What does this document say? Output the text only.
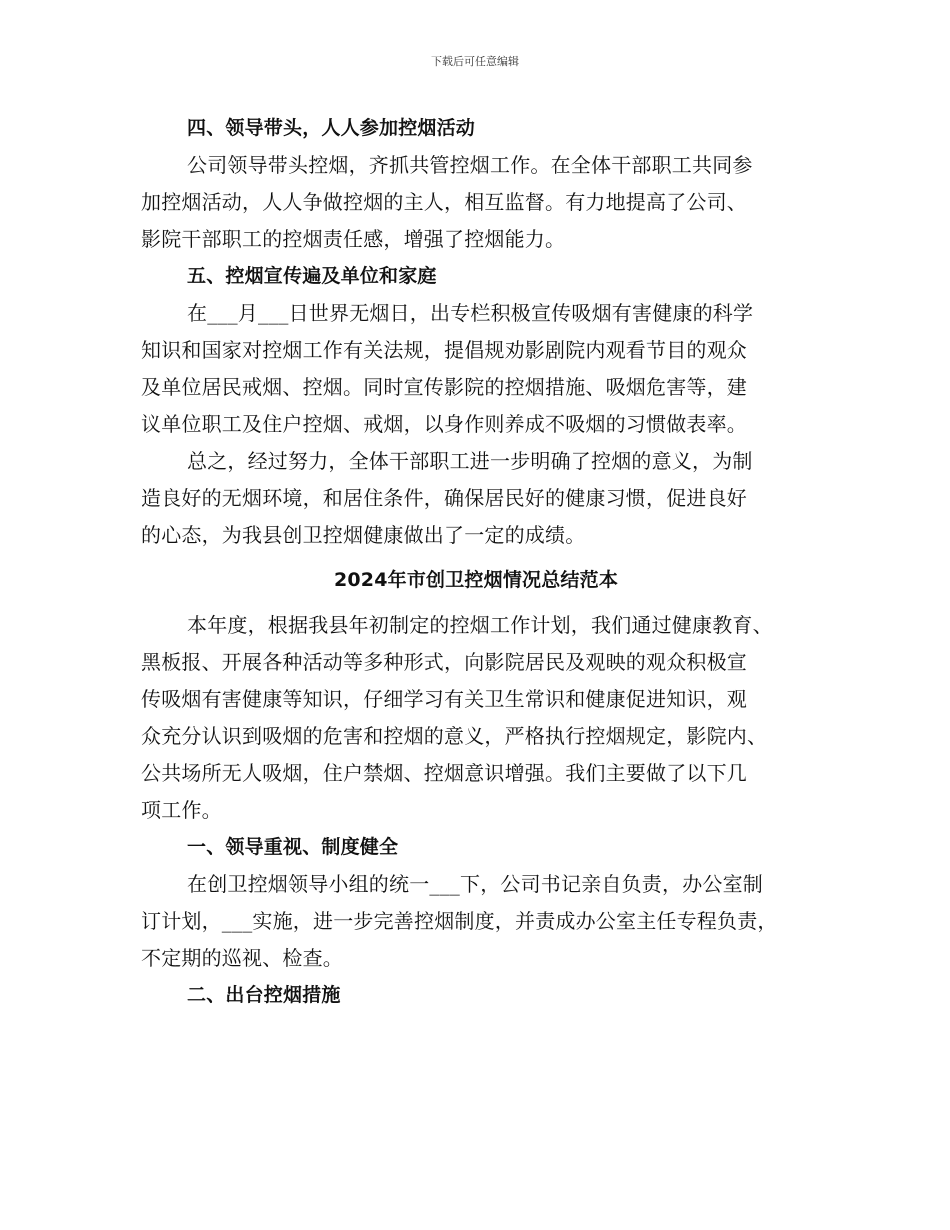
下载后可任意编辑
四、领导带头，人人参加控烟活动
公司领导带头控烟，齐抓共管控烟工作。在全体干部职工共同参
加控烟活动，人人争做控烟的主人，相互监督。有力地提高了公司、
影院干部职工的控烟责任感，增强了控烟能力。
五、控烟宣传遍及单位和家庭
在___月___日世界无烟日，出专栏积极宣传吸烟有害健康的科学
知识和国家对控烟工作有关法规，提倡规劝影剧院内观看节目的观众
及单位居民戒烟、控烟。同时宣传影院的控烟措施、吸烟危害等，建
议单位职工及住户控烟、戒烟，以身作则养成不吸烟的习惯做表率。
总之，经过努力，全体干部职工进一步明确了控烟的意义，为制
造良好的无烟环境，和居住条件，确保居民好的健康习惯，促进良好
的心态，为我县创卫控烟健康做出了一定的成绩。
2024年市创卫控烟情况总结范本
本年度，根据我县年初制定的控烟工作计划，我们通过健康教育、
黑板报、开展各种活动等多种形式，向影院居民及观映的观众积极宣
传吸烟有害健康等知识，仔细学习有关卫生常识和健康促进知识，观
众充分认识到吸烟的危害和控烟的意义，严格执行控烟规定，影院内、
公共场所无人吸烟，住户禁烟、控烟意识增强。我们主要做了以下几
项工作。
一、领导重视、制度健全
在创卫控烟领导小组的统一___下，公司书记亲自负责，办公室制
订计划，___实施，进一步完善控烟制度，并责成办公室主任专程负责，
不定期的巡视、检查。
二、出台控烟措施
